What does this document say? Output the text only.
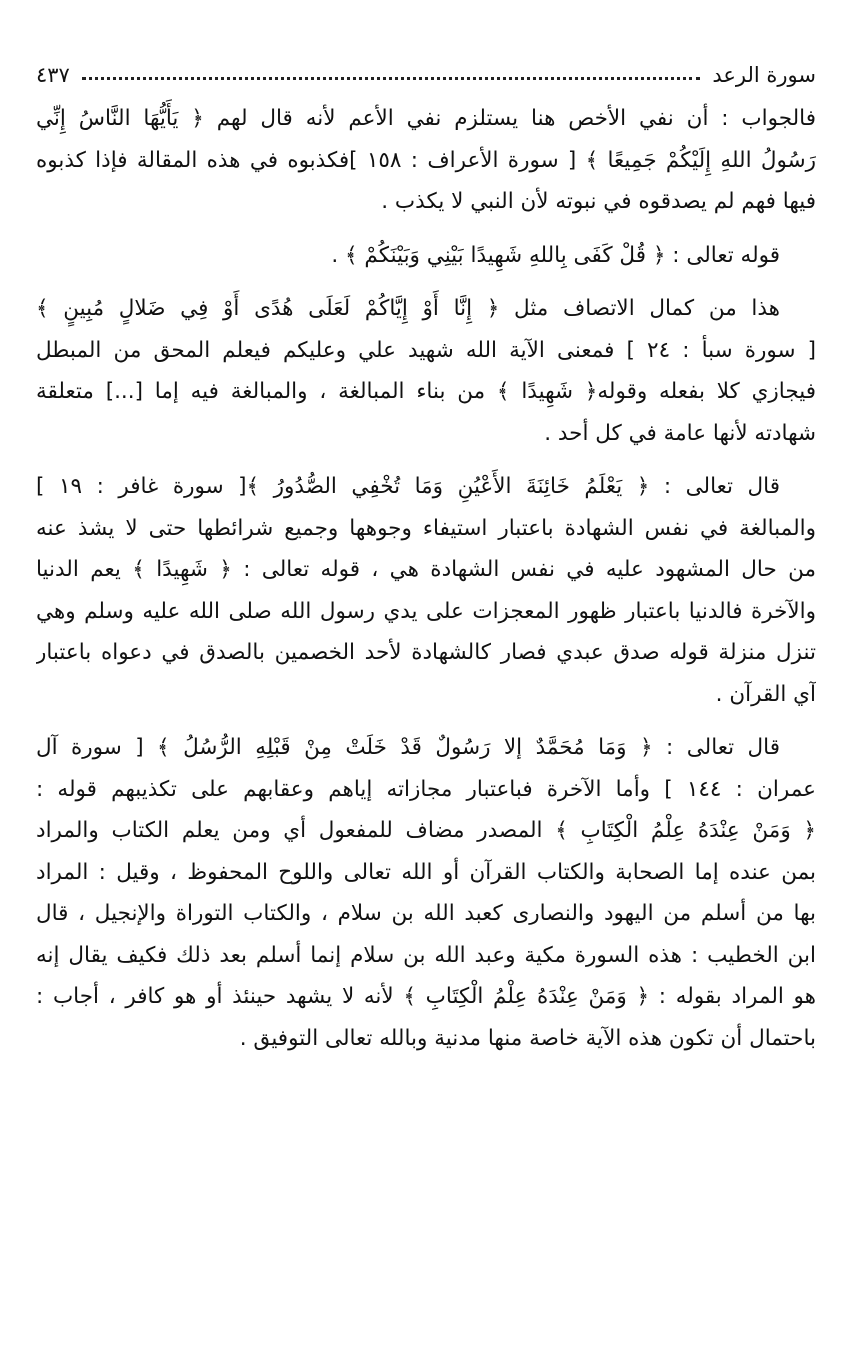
سورة الرعد
٤٣٧

فالجواب : أن نفي الأخص هنا يستلزم نفي الأعم لأنه قال لهم ﴿ يَأَيُّهَا النَّاسُ إِنِّي
رَسُولُ اللهِ إِلَيْكُمْ جَمِيعًا ﴾ [ سورة الأعراف : ١٥٨ ]فكذبوه في هذه المقالة فإذا كذبوه
فيها فهم لم يصدقوه في نبوته لأن النبي لا يكذب .

قوله تعالى : ﴿ قُلْ كَفَى بِاللهِ شَهِيدًا بَيْنِي وَبَيْنَكُمْ ﴾ .

هذا من كمال الاتصاف مثل ﴿ إِنَّا أَوْ إِيَّاكُمْ لَعَلَى هُدًى أَوْ فِي ضَلالٍ مُبِينٍ ﴾
[ سورة سبأ : ٢٤ ] فمعنى الآية الله شهيد علي وعليكم فيعلم المحق من المبطل
فيجازي كلا بفعله وقوله﴿ شَهِيدًا ﴾ من بناء المبالغة ، والمبالغة فيه إما [...] متعلقة
شهادته لأنها عامة في كل أحد .

قال تعالى : ﴿ يَعْلَمُ خَائِنَةَ الأَعْيُنِ وَمَا تُخْفِي الصُّدُورُ ﴾[ سورة غافر : ١٩ ]
والمبالغة في نفس الشهادة باعتبار استيفاء وجوهها وجميع شرائطها حتى لا يشذ عنه
من حال المشهود عليه في نفس الشهادة هي ، قوله تعالى : ﴿ شَهِيدًا ﴾ يعم الدنيا
والآخرة فالدنيا باعتبار ظهور المعجزات على يدي رسول الله صلى الله عليه وسلم وهي
تنزل منزلة قوله صدق عبدي فصار كالشهادة لأحد الخصمين بالصدق في دعواه باعتبار
آي القرآن .

قال تعالى : ﴿ وَمَا مُحَمَّدٌ إلا رَسُولٌ قَدْ خَلَتْ مِنْ قَبْلِهِ الرُّسُلُ ﴾ [ سورة آل
عمران : ١٤٤ ] وأما الآخرة فباعتبار مجازاته إياهم وعقابهم على تكذيبهم قوله :
﴿ وَمَنْ عِنْدَهُ عِلْمُ الْكِتَابِ ﴾ المصدر مضاف للمفعول أي ومن يعلم الكتاب والمراد
بمن عنده إما الصحابة والكتاب القرآن أو الله تعالى واللوح المحفوظ ، وقيل : المراد
بها من أسلم من اليهود والنصارى كعبد الله بن سلام ، والكتاب التوراة والإنجيل ، قال
ابن الخطيب : هذه السورة مكية وعبد الله بن سلام إنما أسلم بعد ذلك فكيف يقال إنه
هو المراد بقوله : ﴿ وَمَنْ عِنْدَهُ عِلْمُ الْكِتَابِ ﴾ لأنه لا يشهد حينئذ أو هو كافر ، أجاب :
باحتمال أن تكون هذه الآية خاصة منها مدنية وبالله تعالى التوفيق .
